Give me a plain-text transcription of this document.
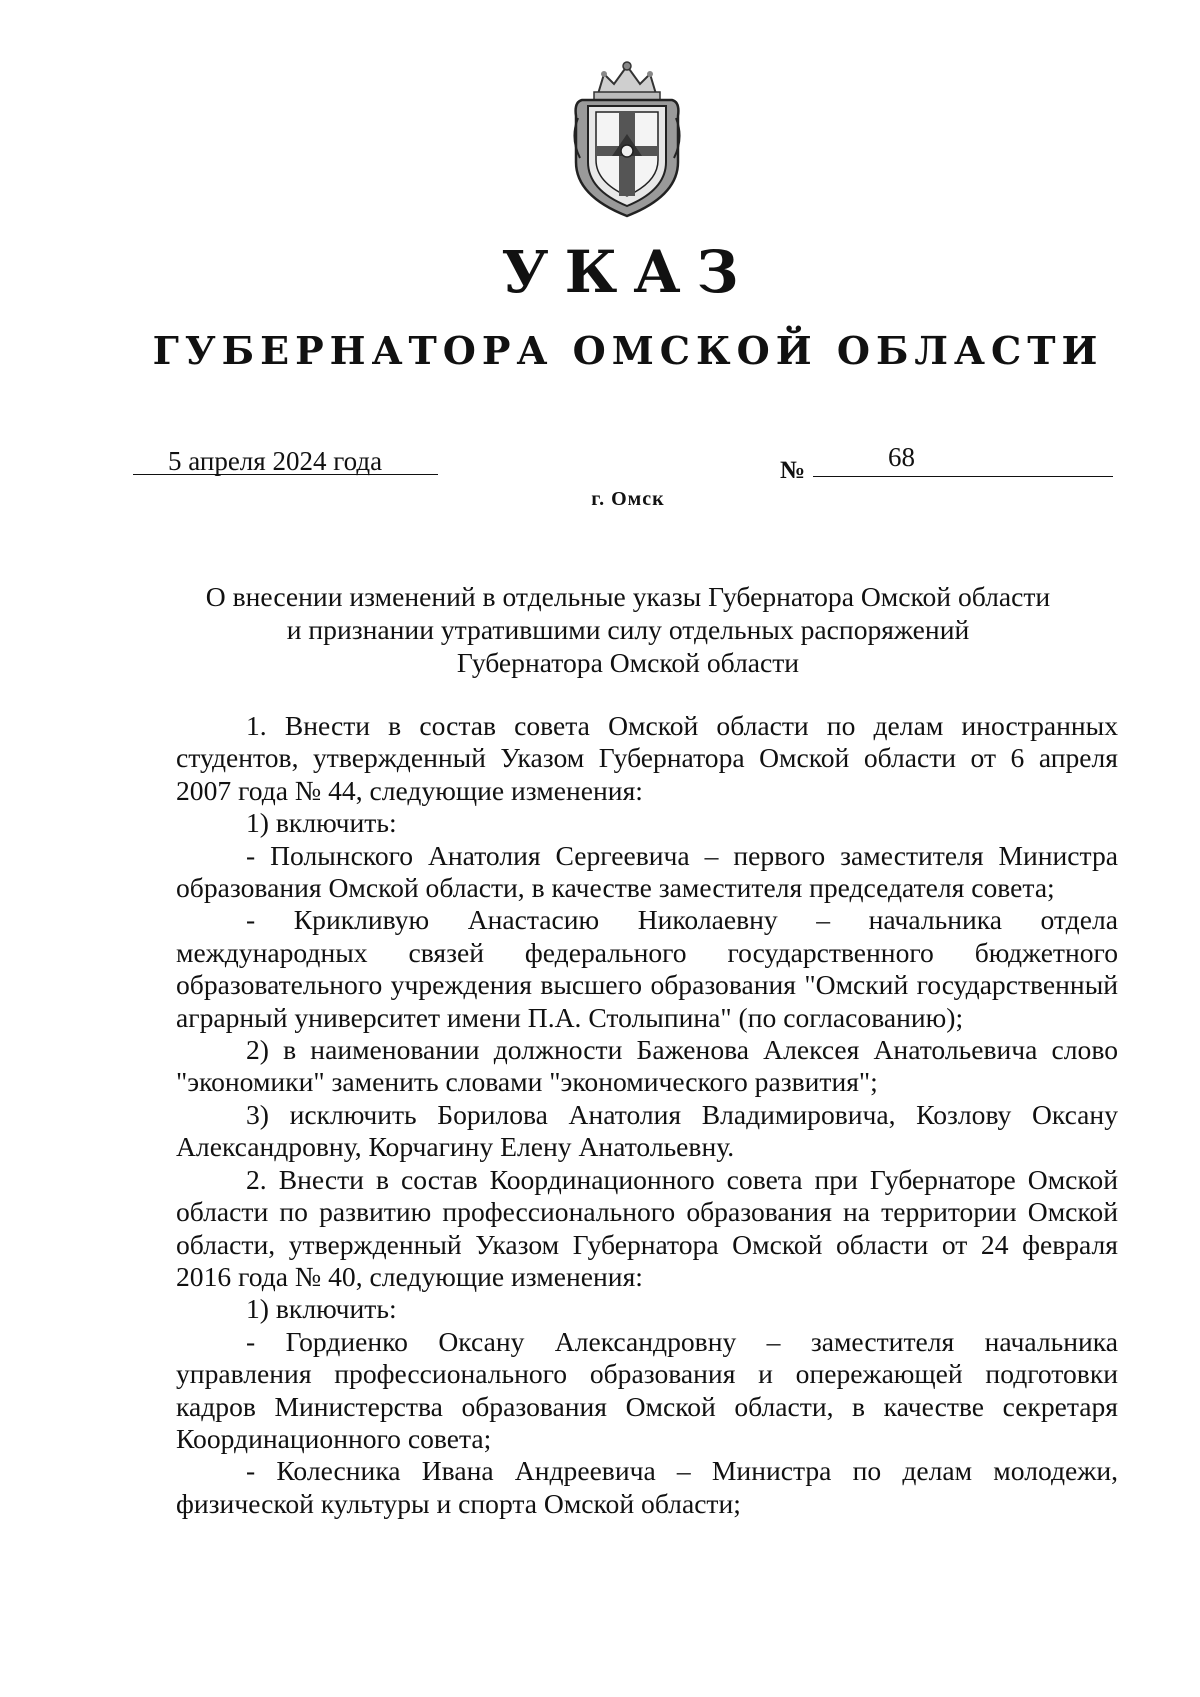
УКАЗ
ГУБЕРНАТОРА ОМСКОЙ ОБЛАСТИ
5 апреля 2024 года	№	68
г. Омск
О внесении изменений в отдельные указы Губернатора Омской области
и признании утратившими силу отдельных распоряжений
Губернатора Омской области

1. Внести в состав совета Омской области по делам иностранных студентов, утвержденный Указом Губернатора Омской области от 6 апреля 2007 года № 44, следующие изменения:

1) включить:

- Полынского Анатолия Сергеевича – первого заместителя Министра образования Омской области, в качестве заместителя председателя совета;

- Крикливую Анастасию Николаевну – начальника отдела международных связей федерального государственного бюджетного образовательного учреждения высшего образования "Омский государственный аграрный университет имени П.А. Столыпина" (по согласованию);

2) в наименовании должности Баженова Алексея Анатольевича слово "экономики" заменить словами "экономического развития";

3) исключить Борилова Анатолия Владимировича, Козлову Оксану Александровну, Корчагину Елену Анатольевну.

2. Внести в состав Координационного совета при Губернаторе Омской области по развитию профессионального образования на территории Омской области, утвержденный Указом Губернатора Омской области от 24 февраля 2016 года № 40, следующие изменения:

1) включить:

- Гордиенко Оксану Александровну – заместителя начальника управления профессионального образования и опережающей подготовки кадров Министерства образования Омской области, в качестве секретаря Координационного совета;

- Колесника Ивана Андреевича – Министра по делам молодежи, физической культуры и спорта Омской области;
